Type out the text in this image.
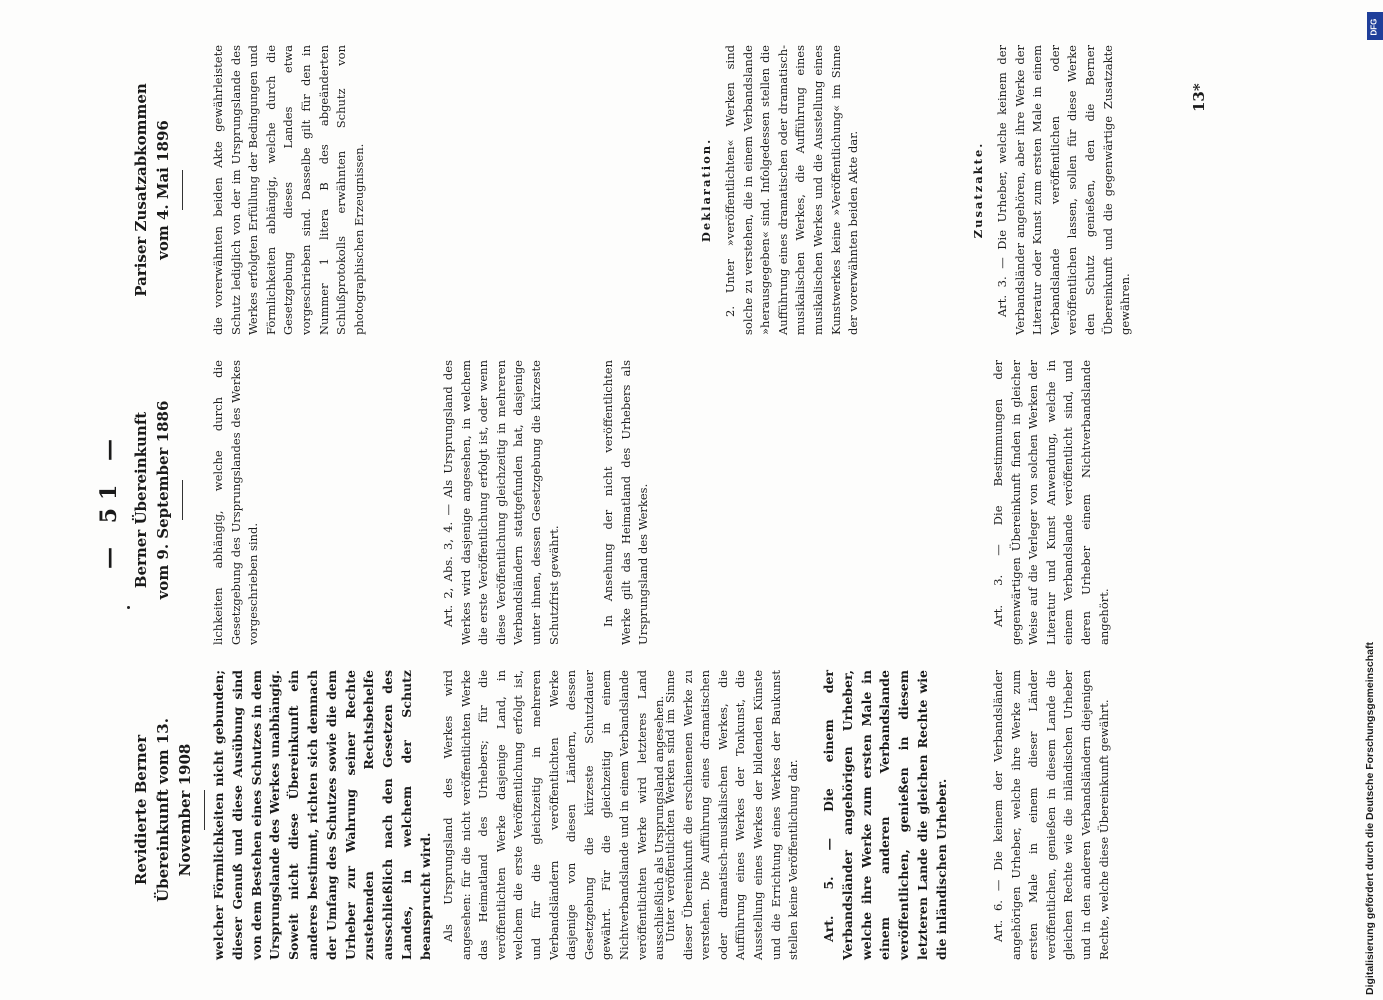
— 51 —
Revidierte Berner Übereinkunft vom 13. November 1908
Berner Übereinkunft vom 9. September 1886
Pariser Zusatzabkommen vom 4. Mai 1896
welcher Förmlichkeiten nicht gebunden; dieser Genuß und diese Ausübung sind von dem Bestehen eines Schutzes in dem Ursprungslande des Werkes unabhängig. Soweit nicht diese Übereinkunft ein anderes bestimmt, richten sich demnach der Umfang des Schutzes sowie die dem Urheber zur Wahrung seiner Rechte zustehenden Rechtsbehelfe ausschließlich nach den Gesetzen des Landes, in welchem der Schutz beansprucht wird. Als Ursprungsland des Werkes wird angesehen: für die nicht veröffentlichten Werke das Heimatland des Urhebers; für die veröffentlichten Werke dasjenige Land, in welchem die erste Veröffentlichung erfolgt ist, und für die gleichzeitig in mehreren Verbandsländern veröffentlichten Werke dasjenige von diesen Ländern, dessen Gesetzgebung die kürzeste Schutzdauer gewährt. Für die gleichzeitig in einem Nichtverbandslande und in einem Verbandslande veröffentlichten Werke wird letzteres Land ausschließlich als Ursprungsland angesehen.
Unter veröffentlichten Werken sind im Sinne dieser Übereinkunft die erschienenen Werke zu verstehen. Die Aufführung eines dramatischen oder dramatisch-musikalischen Werkes, die Aufführung eines Werkes der Tonkunst, die Ausstellung eines Werkes der bildenden Künste und die Errichtung eines Werkes der Baukunst stellen keine Veröffentlichung dar. Art. 5. — Die einem der Verbandsländer angehörigen Urheber, welche ihre Werke zum ersten Male in einem anderen Verbandslande veröffentlichen, genießen in diesem letzteren Lande die gleichen Rechte wie die inländischen Urheber.	Art. 6. — Die keinem der Verbandsländer angehörigen Urheber, welche ihre Werke zum ersten Male in einem dieser Länder veröffentlichen, genießen in diesem Lande die gleichen Rechte wie die inländischen Urheber und in den anderen Verbandsländern diejenigen Rechte, welche diese Übereinkunft gewährt.
lichkeiten abhängig, welche durch die Gesetzgebung des Ursprungslandes des Werkes vorgeschrieben sind.	Art. 2, Abs. 3, 4. — Als Ursprungsland des Werkes wird dasjenige angesehen, in welchem die erste Veröffentlichung erfolgt ist, oder wenn diese Veröffentlichung gleichzeitig in mehreren Verbandsländern stattgefunden hat, dasjenige unter ihnen, dessen Gesetzgebung die kürzeste Schutzfrist gewährt.	In Ansehung der nicht veröffentlichten Werke gilt das Heimatland des Urhebers als Ursprungsland des Werkes.	Art. 3. — Die Bestimmungen der gegenwärtigen Übereinkunft finden in gleicher Weise auf die Verleger von solchen Werken der Literatur und Kunst Anwendung, welche in einem Verbandslande veröffentlicht sind, und deren Urheber einem Nichtverbandslande angehört.
die vorerwähnten beiden Akte gewährleistete Schutz lediglich von der im Ursprungslande des Werkes erfolgten Erfüllung der Bedingungen und Förmlichkeiten abhängig, welche durch die Gesetzgebung dieses Landes etwa vorgeschrieben sind. Dasselbe gilt für den in Nummer 1 litera B des abgeänderten Schlußprotokolls erwähnten Schutz von photographischen Erzeugnissen.	Deklaration. 2. Unter »veröffentlichten« Werken sind solche zu verstehen, die in einem Verbandslande »herausgegeben« sind. Infolgedessen stellen die Aufführung eines dramatischen oder dramatisch-musikalischen Werkes, die Aufführung eines musikalischen Werkes und die Ausstellung eines Kunstwerkes keine »Veröffentlichung« im Sinne der vorerwähnten beiden Akte dar.	Zusatzakte. Art. 3. — Die Urheber, welche keinem der Verbandsländer angehören, aber ihre Werke der Literatur oder Kunst zum ersten Male in einem Verbandslande veröffentlichen oder veröffentlichen lassen, sollen für diese Werke den Schutz genießen, den die Berner Übereinkunft und die gegenwärtige Zusatzakte gewähren.
13*
Digitalisierung gefördert durch die Deutsche Forschungsgemeinschaft
DFG
